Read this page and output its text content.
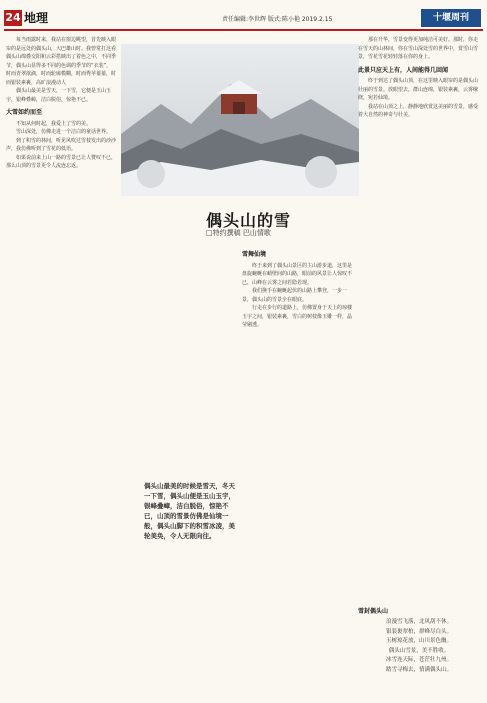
24 地理	责任编辑:李世辉 版式:陈小艳 2019.2.15	十堰周刊

每当雨露时来，我站在窗边眺望，首先映入眼帘的是远处的偶头山，大巴雄山时。我曾常打这看偶头山绵叠交阳和云彩搭映出了着色之中，不同季节，偶头山显得多不同的色调的季节的“衣装”，时而青翠欲滴，时而轮廓模糊，时而秀苹蓁蓁，时而银装素裹，高旷浪漫动人

偶头山最美是雪天，一下雪，它便是玉山玉宇，银峰叠嶂，洁白脱俗，惊艳不已。

大雪如约而至

不知从何时起，我爱上了雪的美。

雪山深处，仿佛走进一个洁白的童话世界。

到了积雪的林间，听见风吹过雪枝发出的沙沙声，我仿佛听到了雪花的低语。

如果说前来上山一路的雪景已让人赞叹不已，那么山顶的雪景更令人流连忘返。

偶头山的雪
□特约撰稿 巴山情歌

雪舞仙境

终于来到了偶头山景区的主山游步道，这里是盘旋蜿蜒在峭壁间的山路，眼前的风景让人惊叹不已，山峰在云雾之间若隐若现。

我们挽手在蜿蜒起伏的山路上攀登，一步一景，偶头山的雪景全在眼底。

行走在步行的道路上，仿佛置身于天上的琼楼玉宇之间，银装素裹，雪白的树枝像玉雕一样，晶莹剔透。

偶头山最美的时候是雪天，冬天一下雪，偶头山便是玉山玉宇，银峰叠嶂，洁白脱俗，惊艳不已，山顶的雪景仿佛是仙境一般，偶头山脚下的积雪冰凌，美轮美奂，令人无限向往。

那在升华，雪景变得更加纯洁可美好。那时，你走在雪天的山林间，你在雪山深处雪的世界中，赏雪山雪景，雪花雪花轻轻落在你的身上。

此景只应天上有，人间能得几回闻

终于到达了偶头山顶，在这里映入眼帘的是偶头山壮丽的雪景。放眼望去，群山连绵，银装素裹，云雾缭绕，宛若仙境。

我站在山顶之上，静静地欣赏这美丽的雪景，感受着大自然的神奇与壮美。

雪封偶头山
浪漫雪飞落，北风刮不休。
银装裹翠柏，群峰尽白头。
玉树琼花放，山川景色幽。
偶头山雪景，美不胜收。
冰雪连天际，苍茫壮九州。
踏雪寻梅去，情满偶头山。
